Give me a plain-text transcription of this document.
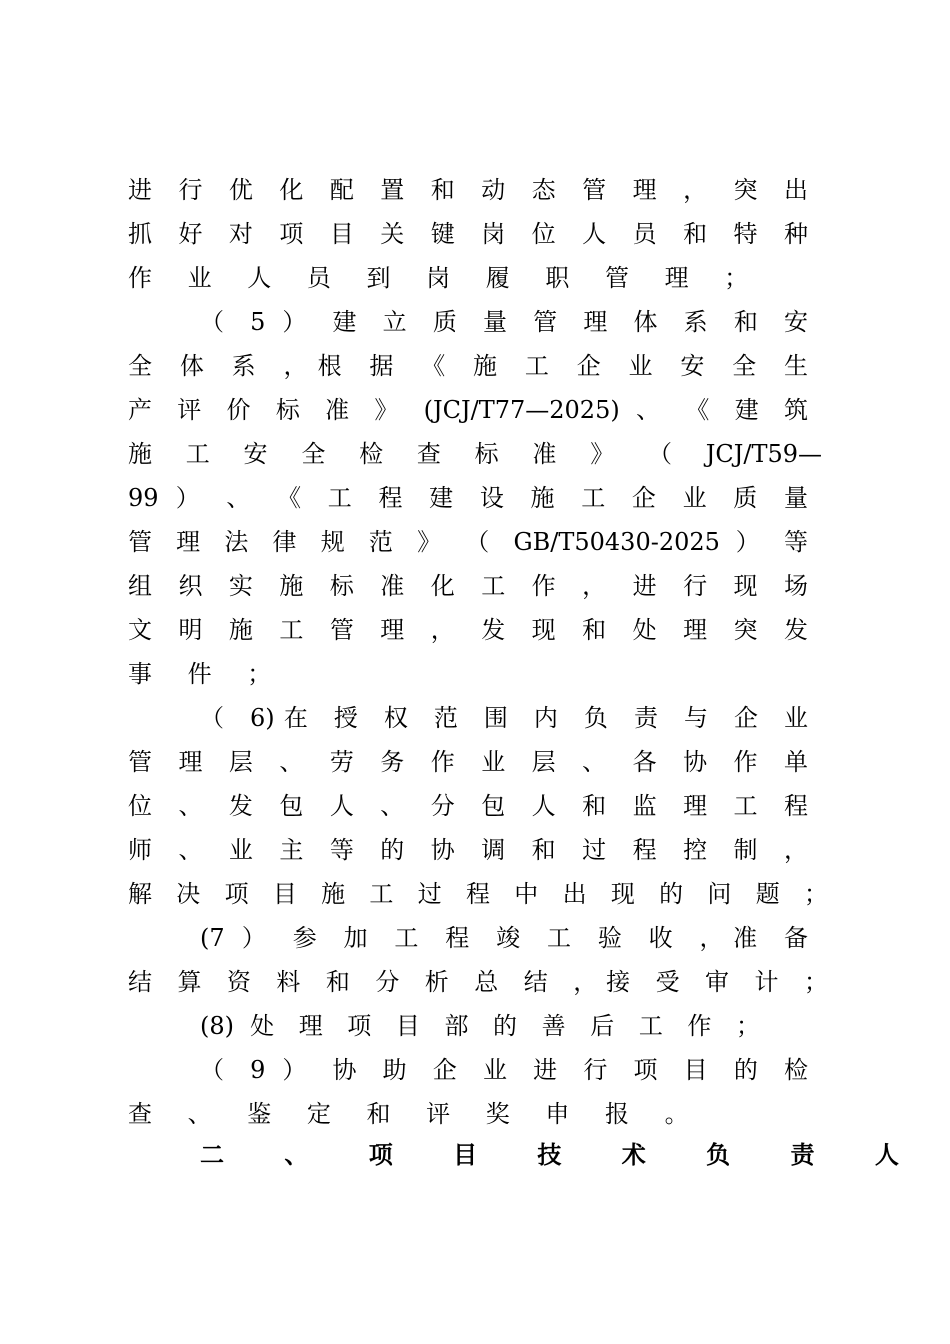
进 行 优 化 配 置 和 动 态 管 理 ， 突 出
抓 好 对 项 目 关 键 岗 位 人 员 和 特 种
作 业 人 员 到 岗 履 职 管 理 ；
（ 5 ） 建 立 质 量 管 理 体 系 和 安
全 体 系 ，根 据 《 施 工 企 业 安 全 生
产 评 价 标 准 》 (JCJ/T77—2025) 、 《 建 筑
施 工 安 全 检 查 标 准 》 （ JCJ/T59—
99 ） 、 《 工 程 建 设 施 工 企 业 质 量
管 理 法 律 规 范 》 （ GB/T50430-2025 ） 等
组 织 实 施 标 准 化 工 作 ， 进 行 现 场
文 明 施 工 管 理 ， 发 现 和 处 理 突 发
事 件 ；
（ 6)在 授 权 范 围 内 负 责 与 企 业
管 理 层 、 劳 务 作 业 层 、 各 协 作 单
位 、 发 包 人 、 分 包 人 和 监 理 工 程
师 、 业 主 等 的 协 调 和 过 程 控 制 ，
解 决 项 目 施 工 过 程 中 出 现 的 问 题 ；
(7 ） 参 加 工 程 竣 工 验 收 ，准 备
结 算 资 料 和 分 析 总 结 ，接 受 审 计 ；
(8) 处 理 项 目 部 的 善 后 工 作 ；
（ 9 ） 协 助 企 业 进 行 项 目 的 检
查 、 鉴 定 和 评 奖 申 报 。
二 、 项 目 技 术 负 责 人
